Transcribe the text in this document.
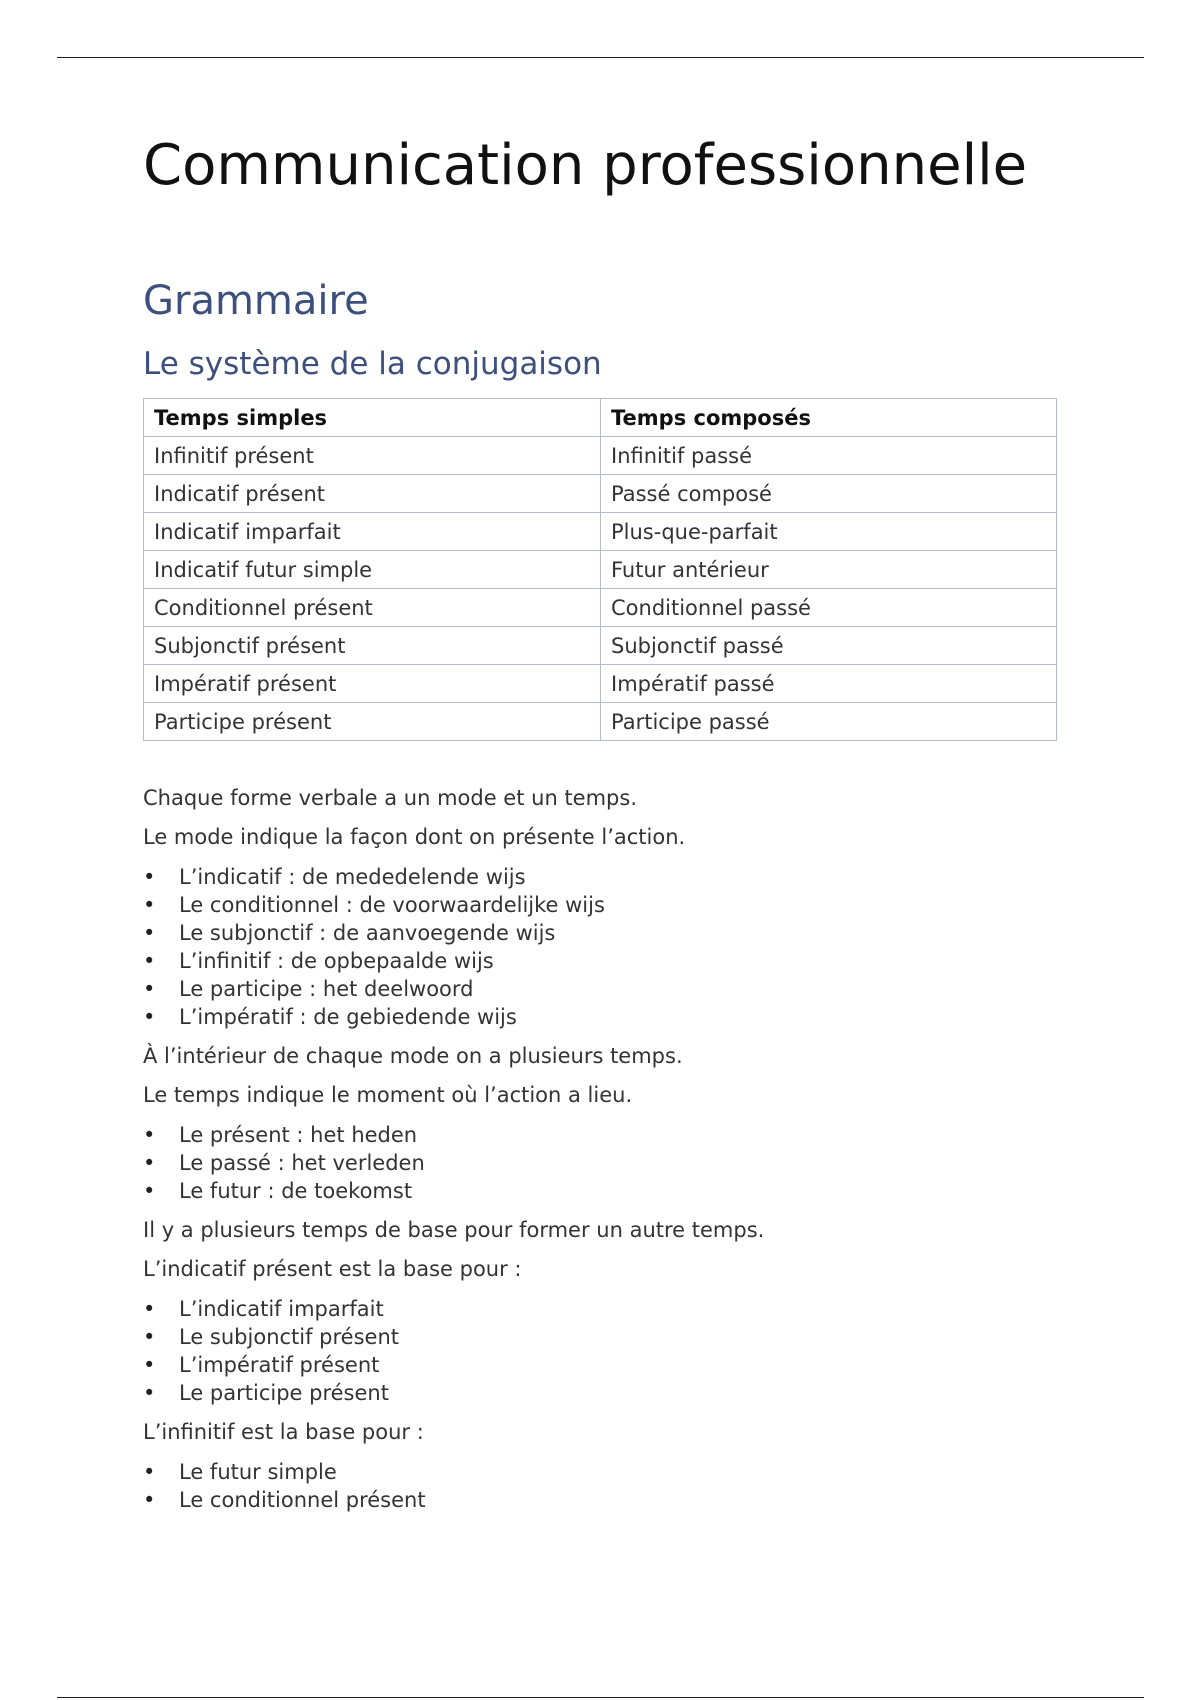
Communication professionnelle
Grammaire
Le système de la conjugaison
Temps simples	Temps composés
Infinitif présent	Infinitif passé
Indicatif présent	Passé composé
Indicatif imparfait	Plus-que-parfait
Indicatif futur simple	Futur antérieur
Conditionnel présent	Conditionnel passé
Subjonctif présent	Subjonctif passé
Impératif présent	Impératif passé
Participe présent	Participe passé

Chaque forme verbale a un mode et un temps.

Le mode indique la façon dont on présente l’action.

• L’indicatif : de mededelende wijs
• Le conditionnel : de voorwaardelijke wijs
• Le subjonctif : de aanvoegende wijs
• L’infinitif : de opbepaalde wijs
• Le participe : het deelwoord
• L’impératif : de gebiedende wijs

À l’intérieur de chaque mode on a plusieurs temps.

Le temps indique le moment où l’action a lieu.

• Le présent : het heden
• Le passé : het verleden
• Le futur : de toekomst

Il y a plusieurs temps de base pour former un autre temps.

L’indicatif présent est la base pour :

• L’indicatif imparfait
• Le subjonctif présent
• L’impératif présent
• Le participe présent

L’infinitif est la base pour :

• Le futur simple
• Le conditionnel présent
